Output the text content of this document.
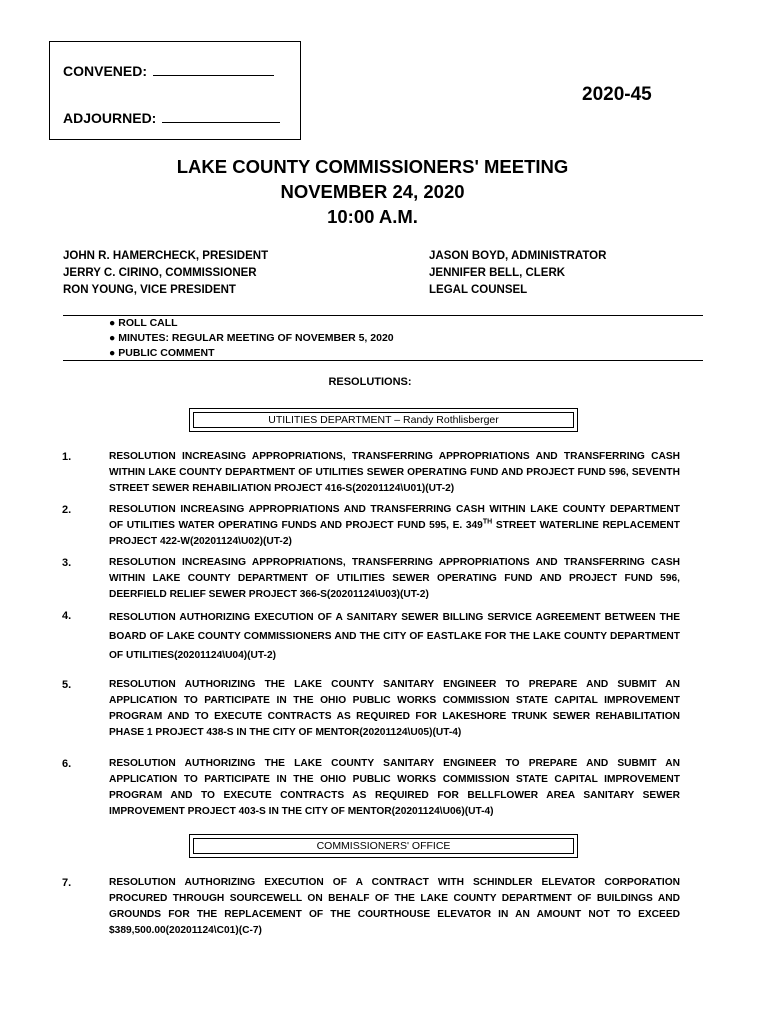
CONVENED:
ADJOURNED:
2020-45
LAKE COUNTY COMMISSIONERS' MEETING
NOVEMBER 24, 2020
10:00 A.M.
JOHN R. HAMERCHECK, PRESIDENT
JERRY C. CIRINO, COMMISSIONER
RON YOUNG, VICE PRESIDENT
JASON BOYD, ADMINISTRATOR
JENNIFER BELL, CLERK
LEGAL COUNSEL
● ROLL CALL
● MINUTES: REGULAR MEETING OF NOVEMBER 5, 2020
● PUBLIC COMMENT
RESOLUTIONS:
UTILITIES DEPARTMENT – Randy Rothlisberger
1.	RESOLUTION INCREASING APPROPRIATIONS, TRANSFERRING APPROPRIATIONS AND TRANSFERRING CASH WITHIN LAKE COUNTY DEPARTMENT OF UTILITIES SEWER OPERATING FUND AND PROJECT FUND 596, SEVENTH STREET SEWER REHABILIATION PROJECT 416-S(20201124\U01)(UT-2)
2.	RESOLUTION INCREASING APPROPRIATIONS AND TRANSFERRING CASH WITHIN LAKE COUNTY DEPARTMENT OF UTILITIES WATER OPERATING FUNDS AND PROJECT FUND 595, E. 349TH STREET WATERLINE REPLACEMENT PROJECT 422-W(20201124\U02)(UT-2)
3.	RESOLUTION INCREASING APPROPRIATIONS, TRANSFERRING APPROPRIATIONS AND TRANSFERRING CASH WITHIN LAKE COUNTY DEPARTMENT OF UTILITIES SEWER OPERATING FUND AND PROJECT FUND 596, DEERFIELD RELIEF SEWER PROJECT 366-S(20201124\U03)(UT-2)
4.	RESOLUTION AUTHORIZING EXECUTION OF A SANITARY SEWER BILLING SERVICE AGREEMENT BETWEEN THE BOARD OF LAKE COUNTY COMMISSIONERS AND THE CITY OF EASTLAKE FOR THE LAKE COUNTY DEPARTMENT OF UTILITIES(20201124\U04)(UT-2)
5.	RESOLUTION AUTHORIZING THE LAKE COUNTY SANITARY ENGINEER TO PREPARE AND SUBMIT AN APPLICATION TO PARTICIPATE IN THE OHIO PUBLIC WORKS COMMISSION STATE CAPITAL IMPROVEMENT PROGRAM AND TO EXECUTE CONTRACTS AS REQUIRED FOR LAKESHORE TRUNK SEWER REHABILITATION PHASE 1 PROJECT 438-S IN THE CITY OF MENTOR(20201124\U05)(UT-4)
6.	RESOLUTION AUTHORIZING THE LAKE COUNTY SANITARY ENGINEER TO PREPARE AND SUBMIT AN APPLICATION TO PARTICIPATE IN THE OHIO PUBLIC WORKS COMMISSION STATE CAPITAL IMPROVEMENT PROGRAM AND TO EXECUTE CONTRACTS AS REQUIRED FOR BELLFLOWER AREA SANITARY SEWER IMPROVEMENT PROJECT 403-S IN THE CITY OF MENTOR(20201124\U06)(UT-4)
COMMISSIONERS' OFFICE
7.	RESOLUTION AUTHORIZING EXECUTION OF A CONTRACT WITH SCHINDLER ELEVATOR CORPORATION PROCURED THROUGH SOURCEWELL ON BEHALF OF THE LAKE COUNTY DEPARTMENT OF BUILDINGS AND GROUNDS FOR THE REPLACEMENT OF THE COURTHOUSE ELEVATOR IN AN AMOUNT NOT TO EXCEED $389,500.00(20201124\C01)(C-7)
